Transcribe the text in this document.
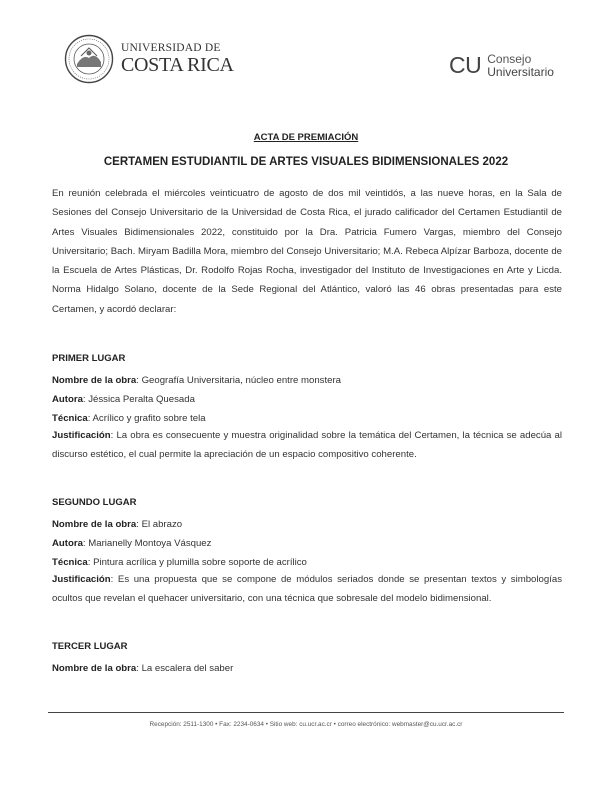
UNIVERSIDAD DE
COSTA RICA	CU Consejo
Universitario
ACTA DE PREMIACIÓN
CERTAMEN ESTUDIANTIL DE ARTES VISUALES BIDIMENSIONALES 2022

En reunión celebrada el miércoles veinticuatro de agosto de dos mil veintidós, a las nueve horas, en la Sala de Sesiones del Consejo Universitario de la Universidad de Costa Rica, el jurado calificador del Certamen Estudiantil de Artes Visuales Bidimensionales 2022, constituido por la Dra. Patricia Fumero Vargas, miembro del Consejo Universitario; Bach. Miryam Badilla Mora, miembro del Consejo Universitario; M.A. Rebeca Alpízar Barboza, docente de la Escuela de Artes Plásticas, Dr. Rodolfo Rojas Rocha, investigador del Instituto de Investigaciones en Arte y Licda. Norma Hidalgo Solano, docente de la Sede Regional del Atlántico, valoró las 46 obras presentadas para este Certamen, y acordó declarar:

PRIMER LUGAR

Nombre de la obra: Geografía Universitaria, núcleo entre monstera

Autora: Jéssica Peralta Quesada

Técnica: Acrílico y grafito sobre tela

Justificación: La obra es consecuente y muestra originalidad sobre la temática del Certamen, la técnica se adecúa al discurso estético, el cual permite la apreciación de un espacio compositivo coherente.

SEGUNDO LUGAR

Nombre de la obra: El abrazo

Autora: Marianelly Montoya Vásquez

Técnica: Pintura acrílica y plumilla sobre soporte de acrílico

Justificación: Es una propuesta que se compone de módulos seriados donde se presentan textos y simbologías ocultos que revelan el quehacer universitario, con una técnica que sobresale del modelo bidimensional.

TERCER LUGAR

Nombre de la obra: La escalera del saber

Recepción: 2511-1300 • Fax: 2234-0634 • Sitio web: cu.ucr.ac.cr • correo electrónico: webmaster@cu.ucr.ac.cr
